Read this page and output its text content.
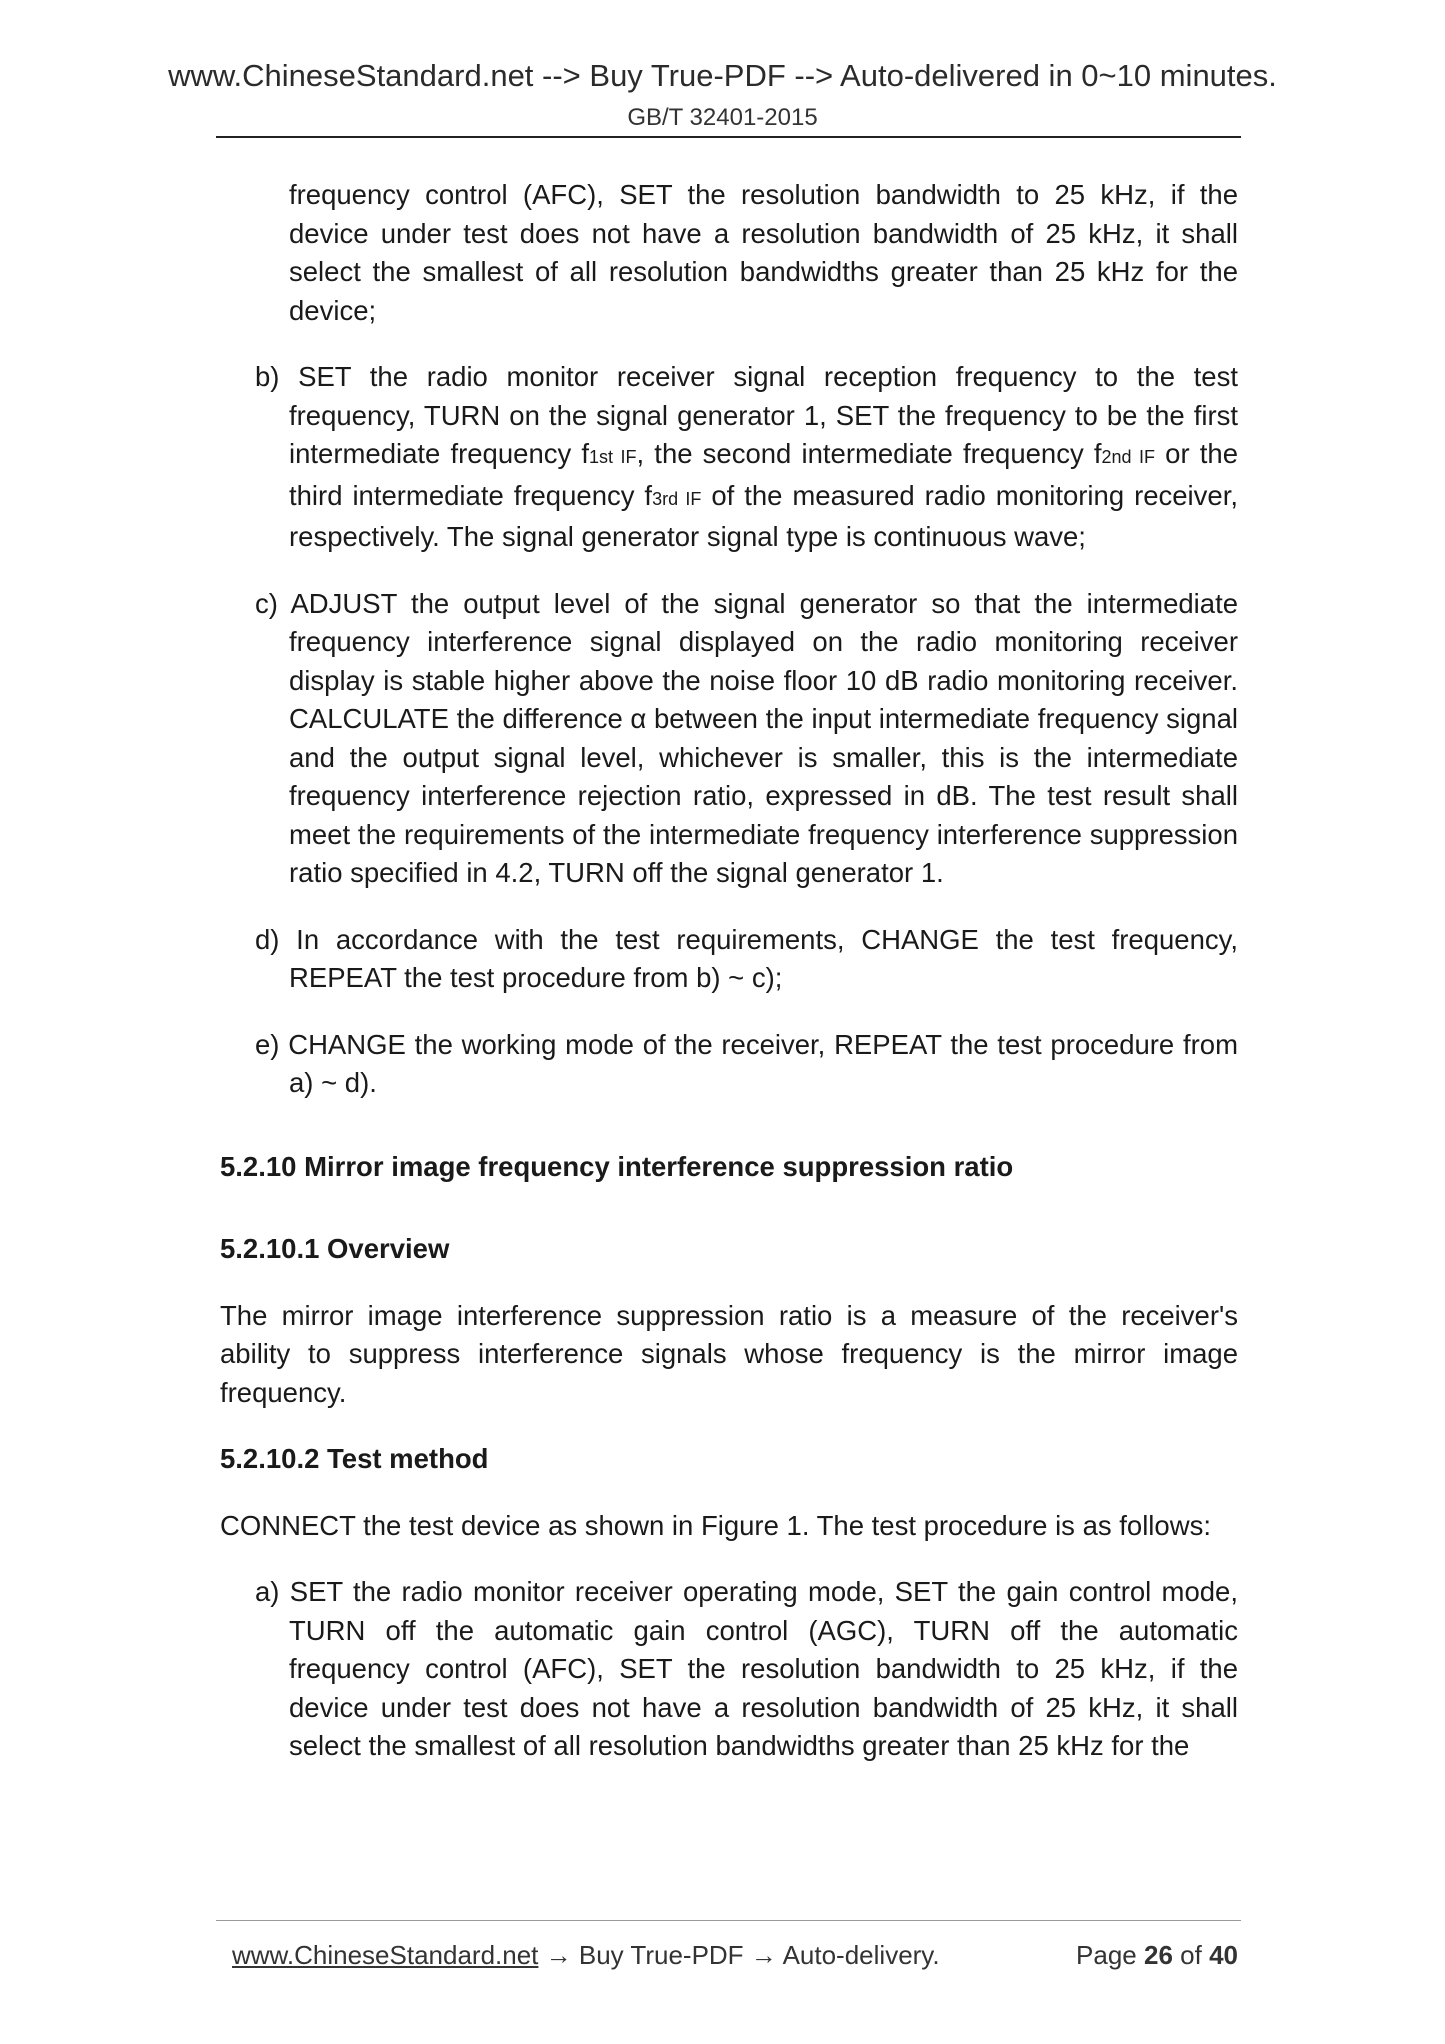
www.ChineseStandard.net --> Buy True-PDF --> Auto-delivered in 0~10 minutes.
GB/T 32401-2015

frequency control (AFC), SET the resolution bandwidth to 25 kHz, if the device under test does not have a resolution bandwidth of 25 kHz, it shall select the smallest of all resolution bandwidths greater than 25 kHz for the device;

b) SET the radio monitor receiver signal reception frequency to the test frequency, TURN on the signal generator 1, SET the frequency to be the first intermediate frequency f1st IF, the second intermediate frequency f2nd IF or the third intermediate frequency f3rd IF of the measured radio monitoring receiver, respectively. The signal generator signal type is continuous wave;

c) ADJUST the output level of the signal generator so that the intermediate frequency interference signal displayed on the radio monitoring receiver display is stable higher above the noise floor 10 dB radio monitoring receiver. CALCULATE the difference α between the input intermediate frequency signal and the output signal level, whichever is smaller, this is the intermediate frequency interference rejection ratio, expressed in dB. The test result shall meet the requirements of the intermediate frequency interference suppression ratio specified in 4.2, TURN off the signal generator 1.

d) In accordance with the test requirements, CHANGE the test frequency, REPEAT the test procedure from b) ~ c);

e) CHANGE the working mode of the receiver, REPEAT the test procedure from a) ~ d).

5.2.10 Mirror image frequency interference suppression ratio
5.2.10.1 Overview

The mirror image interference suppression ratio is a measure of the receiver's ability to suppress interference signals whose frequency is the mirror image frequency.

5.2.10.2 Test method

CONNECT the test device as shown in Figure 1. The test procedure is as follows:

a) SET the radio monitor receiver operating mode, SET the gain control mode, TURN off the automatic gain control (AGC), TURN off the automatic frequency control (AFC), SET the resolution bandwidth to 25 kHz, if the device under test does not have a resolution bandwidth of 25 kHz, it shall select the smallest of all resolution bandwidths greater than 25 kHz for the

www.ChineseStandard.net → Buy True-PDF → Auto-delivery.	Page 26 of 40
